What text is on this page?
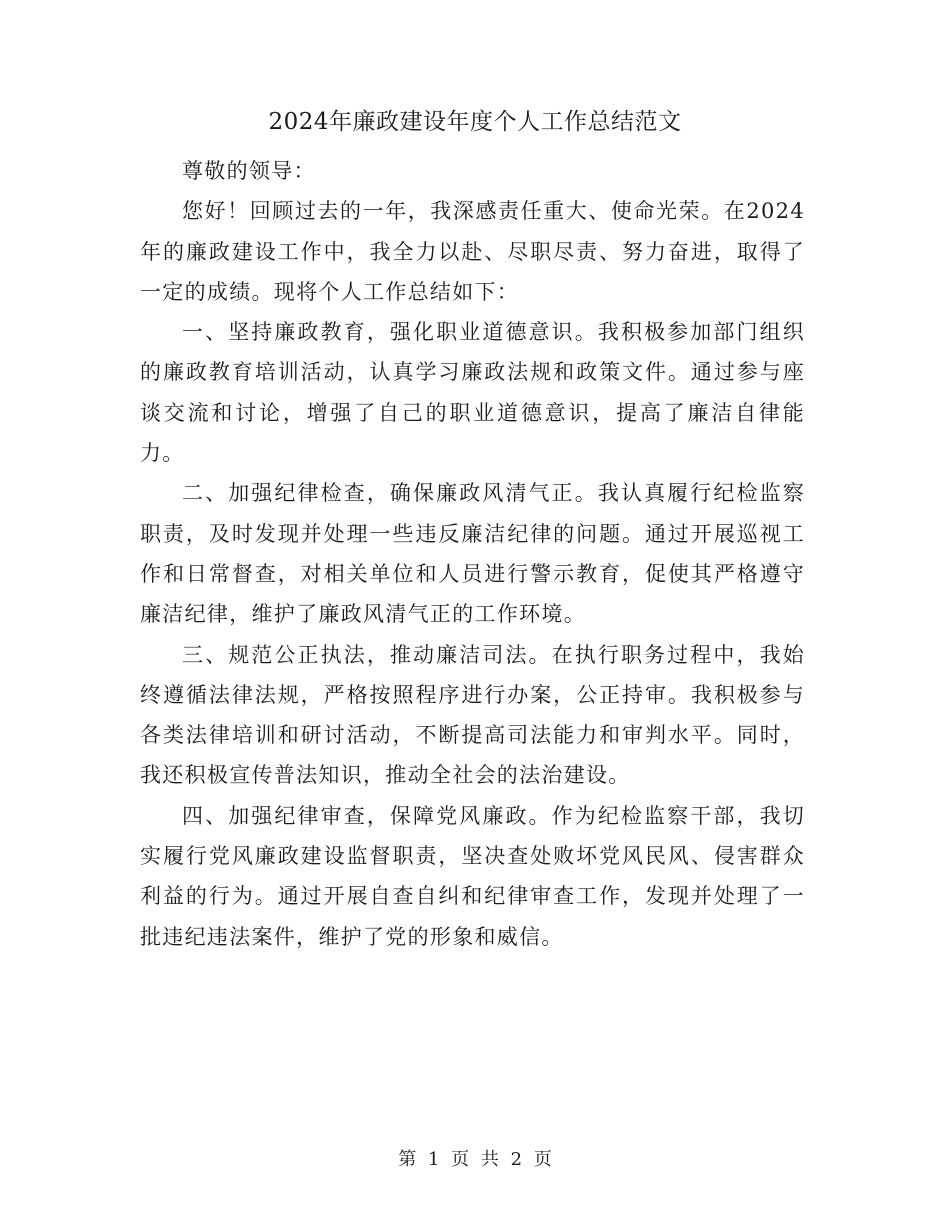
2024年廉政建设年度个人工作总结范文

尊敬的领导：

您好！回顾过去的一年，我深感责任重大、使命光荣。在2024年的廉政建设工作中，我全力以赴、尽职尽责、努力奋进，取得了一定的成绩。现将个人工作总结如下：

一、坚持廉政教育，强化职业道德意识。我积极参加部门组织的廉政教育培训活动，认真学习廉政法规和政策文件。通过参与座谈交流和讨论，增强了自己的职业道德意识，提高了廉洁自律能力。

二、加强纪律检查，确保廉政风清气正。我认真履行纪检监察职责，及时发现并处理一些违反廉洁纪律的问题。通过开展巡视工作和日常督查，对相关单位和人员进行警示教育，促使其严格遵守廉洁纪律，维护了廉政风清气正的工作环境。

三、规范公正执法，推动廉洁司法。在执行职务过程中，我始终遵循法律法规，严格按照程序进行办案，公正持审。我积极参与各类法律培训和研讨活动，不断提高司法能力和审判水平。同时，我还积极宣传普法知识，推动全社会的法治建设。

四、加强纪律审查，保障党风廉政。作为纪检监察干部，我切实履行党风廉政建设监督职责，坚决查处败坏党风民风、侵害群众利益的行为。通过开展自查自纠和纪律审查工作，发现并处理了一批违纪违法案件，维护了党的形象和威信。

第 1 页 共 2 页
